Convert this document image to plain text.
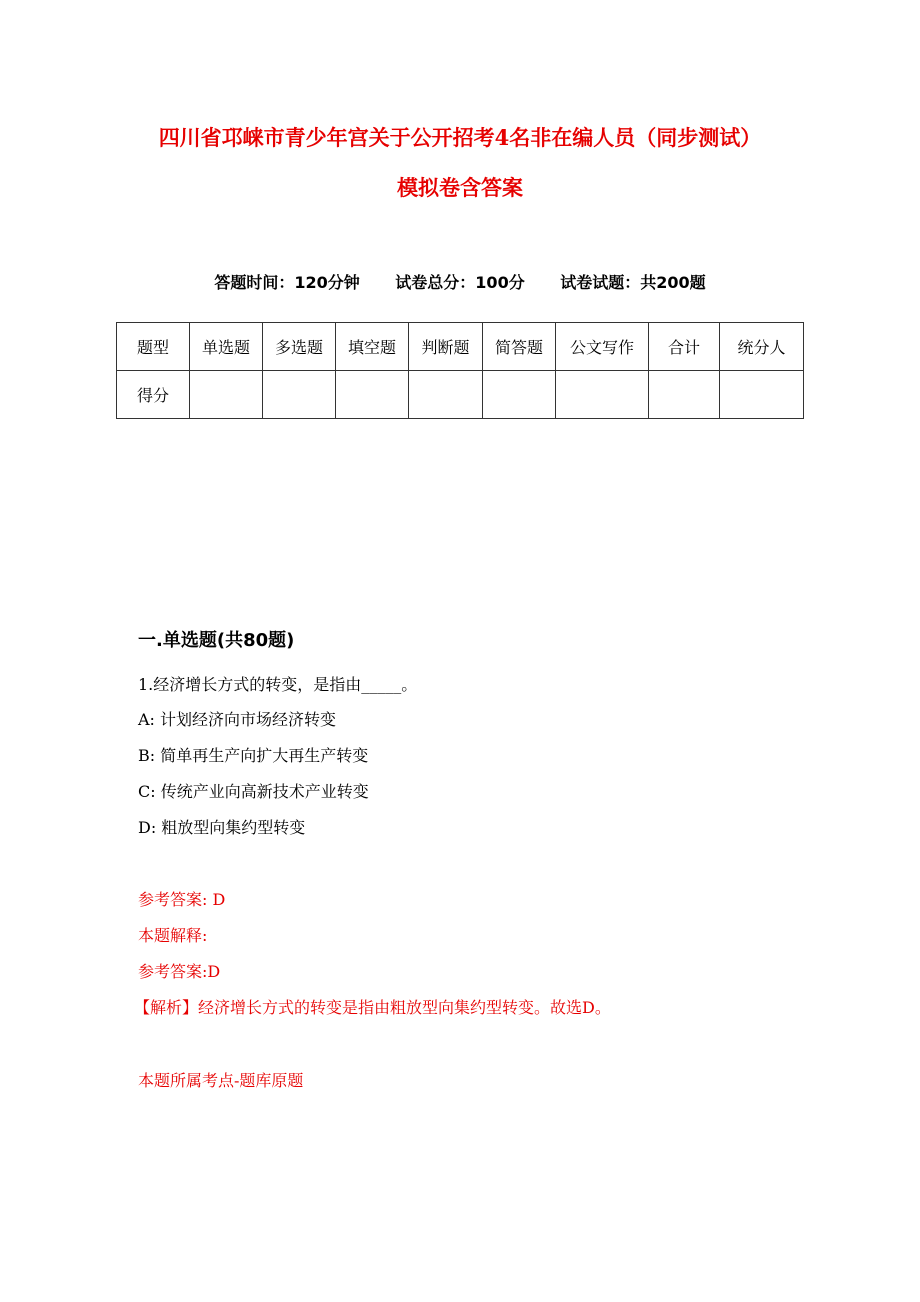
四川省邛崃市青少年宫关于公开招考4名非在编人员（同步测试）
模拟卷含答案
答题时间：120分钟 试卷总分：100分 试卷试题：共200题
题型	单选题	多选题	填空题	判断题	简答题	公文写作	合计	统分人
得分								
一.单选题(共80题)
1.经济增长方式的转变，是指由_____。
A: 计划经济向市场经济转变
B: 简单再生产向扩大再生产转变
C: 传统产业向高新技术产业转变
D: 粗放型向集约型转变
参考答案: D
本题解释:
参考答案:D
【解析】经济增长方式的转变是指由粗放型向集约型转变。故选D。
本题所属考点-题库原题
